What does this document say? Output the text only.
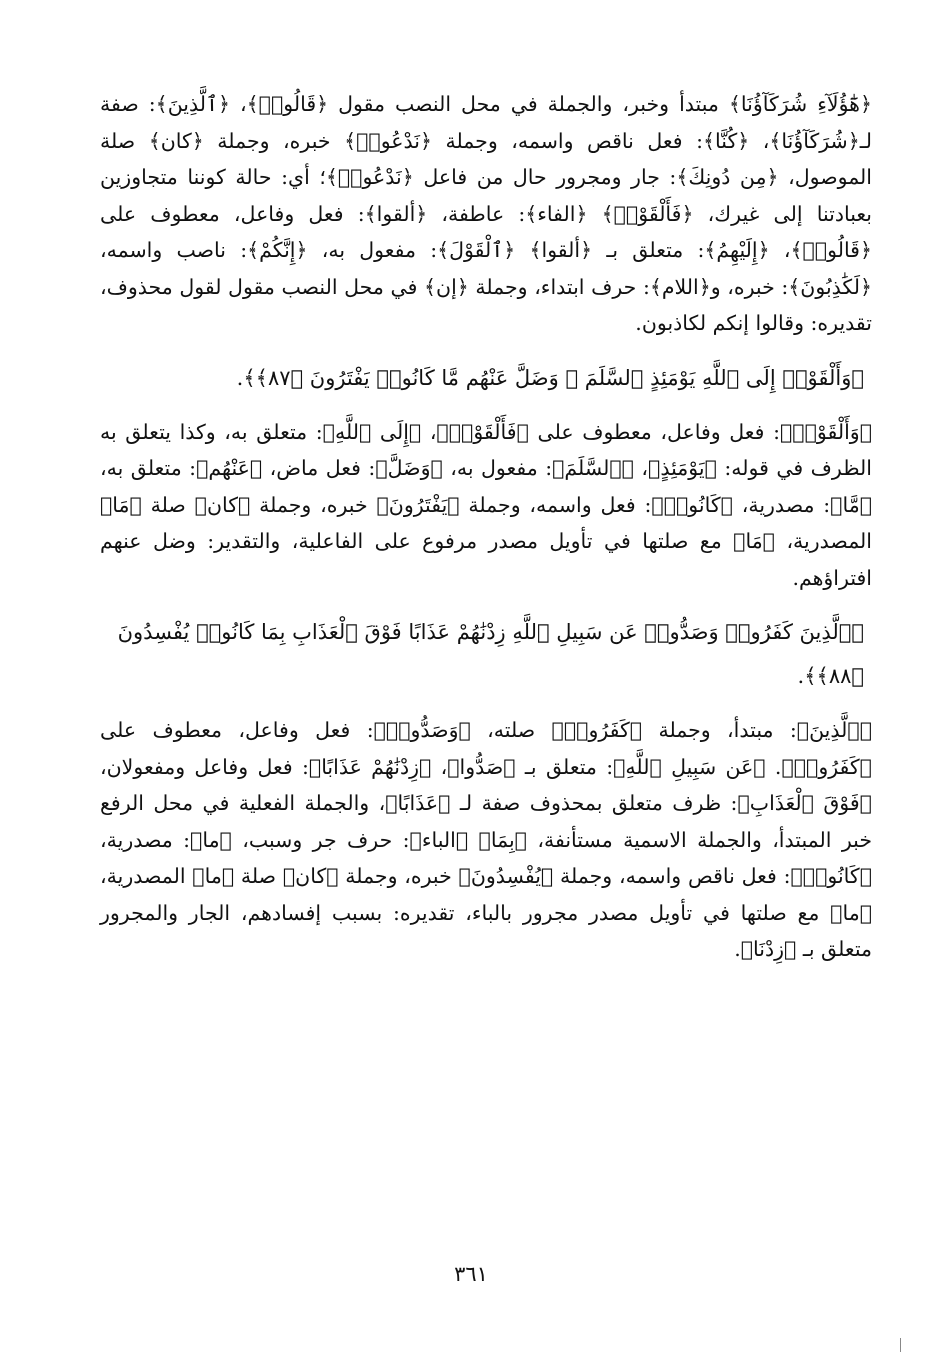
﴿هَٰٓؤُلَآءِ شُرَكَآؤُنَا﴾ مبتدأ وخبر، والجملة في محل النصب مقول ﴿قَالُوا۟﴾، ﴿ٱلَّذِينَ﴾: صفة لـ﴿شُرَكَآؤُنَا﴾، ﴿كُنَّا﴾: فعل ناقص واسمه، وجملة ﴿نَدْعُوا۟﴾ خبره، وجملة ﴿كان﴾ صلة الموصول، ﴿مِن دُونِكَ﴾: جار ومجرور حال من فاعل ﴿نَدْعُوا۟﴾؛ أي: حالة كوننا متجاوزين بعبادتنا إلى غيرك، ﴿فَأَلْقَوْا۟﴾ ﴿الفاء﴾: عاطفة، ﴿ألقوا﴾: فعل وفاعل، معطوف على ﴿قَالُوا۟﴾، ﴿إِلَيْهِمُ﴾: متعلق بـ ﴿ألقوا﴾ ﴿ٱلْقَوْلَ﴾: مفعول به، ﴿إِنَّكُمْ﴾: ناصب واسمه، ﴿لَكَٰذِبُونَ﴾: خبره، و﴿اللام﴾: حرف ابتداء، وجملة ﴿إن﴾ في محل النصب مقول لقول محذوف، تقديره: وقالوا إنكم لكاذبون.

﴿وَأَلْقَوْا۟ إِلَى ٱللَّهِ يَوْمَئِذٍ ٱلسَّلَمَ ۖ وَضَلَّ عَنْهُم مَّا كَانُوا۟ يَفْتَرُونَ ﴿٨٧﴾﴾.

﴿وَأَلْقَوْا۟﴾: فعل وفاعل، معطوف على ﴿فَأَلْقَوْا۟﴾، ﴿إِلَى ٱللَّهِ﴾: متعلق به، وكذا يتعلق به الظرف في قوله: ﴿يَوْمَئِذٍ﴾، ﴿ٱلسَّلَمَ﴾: مفعول به، ﴿وَضَلَّ﴾: فعل ماض، ﴿عَنْهُم﴾: متعلق به، ﴿مَّا﴾: مصدرية، ﴿كَانُوا۟﴾: فعل واسمه، وجملة ﴿يَفْتَرُونَ﴾ خبره، وجملة ﴿كان﴾ صلة ﴿مَا﴾ المصدرية، ﴿مَا﴾ مع صلتها في تأويل مصدر مرفوع على الفاعلية، والتقدير: وضل عنهم افتراؤهم.

﴿ٱلَّذِينَ كَفَرُوا۟ وَصَدُّوا۟ عَن سَبِيلِ ٱللَّهِ زِدْنَٰهُمْ عَذَابًا فَوْقَ ٱلْعَذَابِ بِمَا كَانُوا۟ يُفْسِدُونَ ﴿٨٨﴾﴾.

﴿ٱلَّذِينَ﴾: مبتدأ، وجملة ﴿كَفَرُوا۟﴾ صلته، ﴿وَصَدُّوا۟﴾: فعل وفاعل، معطوف على ﴿كَفَرُوا۟﴾. ﴿عَن سَبِيلِ ٱللَّهِ﴾: متعلق بـ ﴿صَدُّوا﴾، ﴿زِدْنَٰهُمْ عَذَابًا﴾: فعل وفاعل ومفعولان، ﴿فَوْقَ ٱلْعَذَابِ﴾: ظرف متعلق بمحذوف صفة لـ ﴿عَذَابًا﴾، والجملة الفعلية في محل الرفع خبر المبتدأ، والجملة الاسمية مستأنفة، ﴿بِمَا﴾ ﴿الباء﴾: حرف جر وسبب، ﴿ما﴾: مصدرية، ﴿كَانُوا۟﴾: فعل ناقص واسمه، وجملة ﴿يُفْسِدُونَ﴾ خبره، وجملة ﴿كان﴾ صلة ﴿ما﴾ المصدرية، ﴿ما﴾ مع صلتها في تأويل مصدر مجرور بالباء، تقديره: بسبب إفسادهم، الجار والمجرور متعلق بـ ﴿زِدْنَا﴾.

٣٦١
